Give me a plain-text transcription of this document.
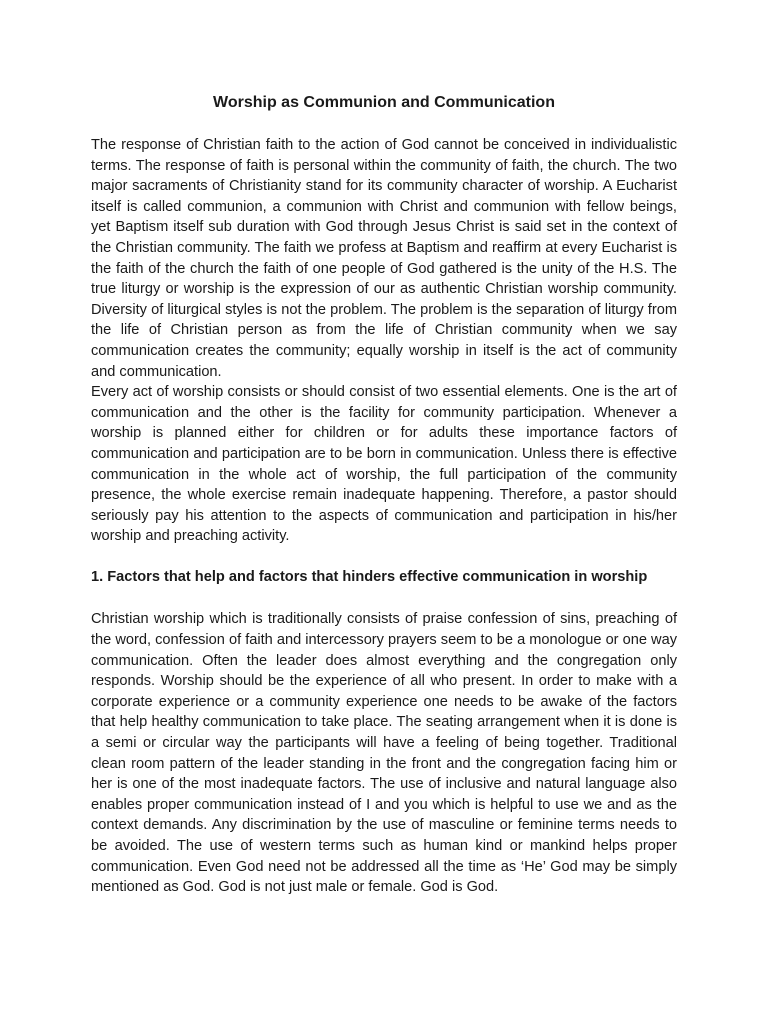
Worship as Communion and Communication

The response of Christian faith to the action of God cannot be conceived in individualistic terms. The response of faith is personal within the community of faith, the church. The two major sacraments of Christianity stand for its community character of worship. A Eucharist itself is called communion, a communion with Christ and communion with fellow beings, yet Baptism itself sub duration with God through Jesus Christ is said set in the context of the Christian community. The faith we profess at Baptism and reaffirm at every Eucharist is the faith of the church the faith of one people of God gathered is the unity of the H.S. The true liturgy or worship is the expression of our as authentic Christian worship community. Diversity of liturgical styles is not the problem. The problem is the separation of liturgy from the life of Christian person as from the life of Christian community when we say communication creates the community; equally worship in itself is the act of community and communication.

Every act of worship consists or should consist of two essential elements. One is the art of communication and the other is the facility for community participation. Whenever a worship is planned either for children or for adults these importance factors of communication and participation are to be born in communication. Unless there is effective communication in the whole act of worship, the full participation of the community presence, the whole exercise remain inadequate happening. Therefore, a pastor should seriously pay his attention to the aspects of communication and participation in his/her worship and preaching activity.

1. Factors that help and factors that hinders effective communication in worship

Christian worship which is traditionally consists of praise confession of sins, preaching of the word, confession of faith and intercessory prayers seem to be a monologue or one way communication. Often the leader does almost everything and the congregation only responds. Worship should be the experience of all who present. In order to make with a corporate experience or a community experience one needs to be awake of the factors that help healthy communication to take place. The seating arrangement when it is done is a semi or circular way the participants will have a feeling of being together. Traditional clean room pattern of the leader standing in the front and the congregation facing him or her is one of the most inadequate factors. The use of inclusive and natural language also enables proper communication instead of I and you which is helpful to use we and as the context demands. Any discrimination by the use of masculine or feminine terms needs to be avoided. The use of western terms such as human kind or mankind helps proper communication. Even God need not be addressed all the time as ‘He’ God may be simply mentioned as God. God is not just male or female. God is God.
